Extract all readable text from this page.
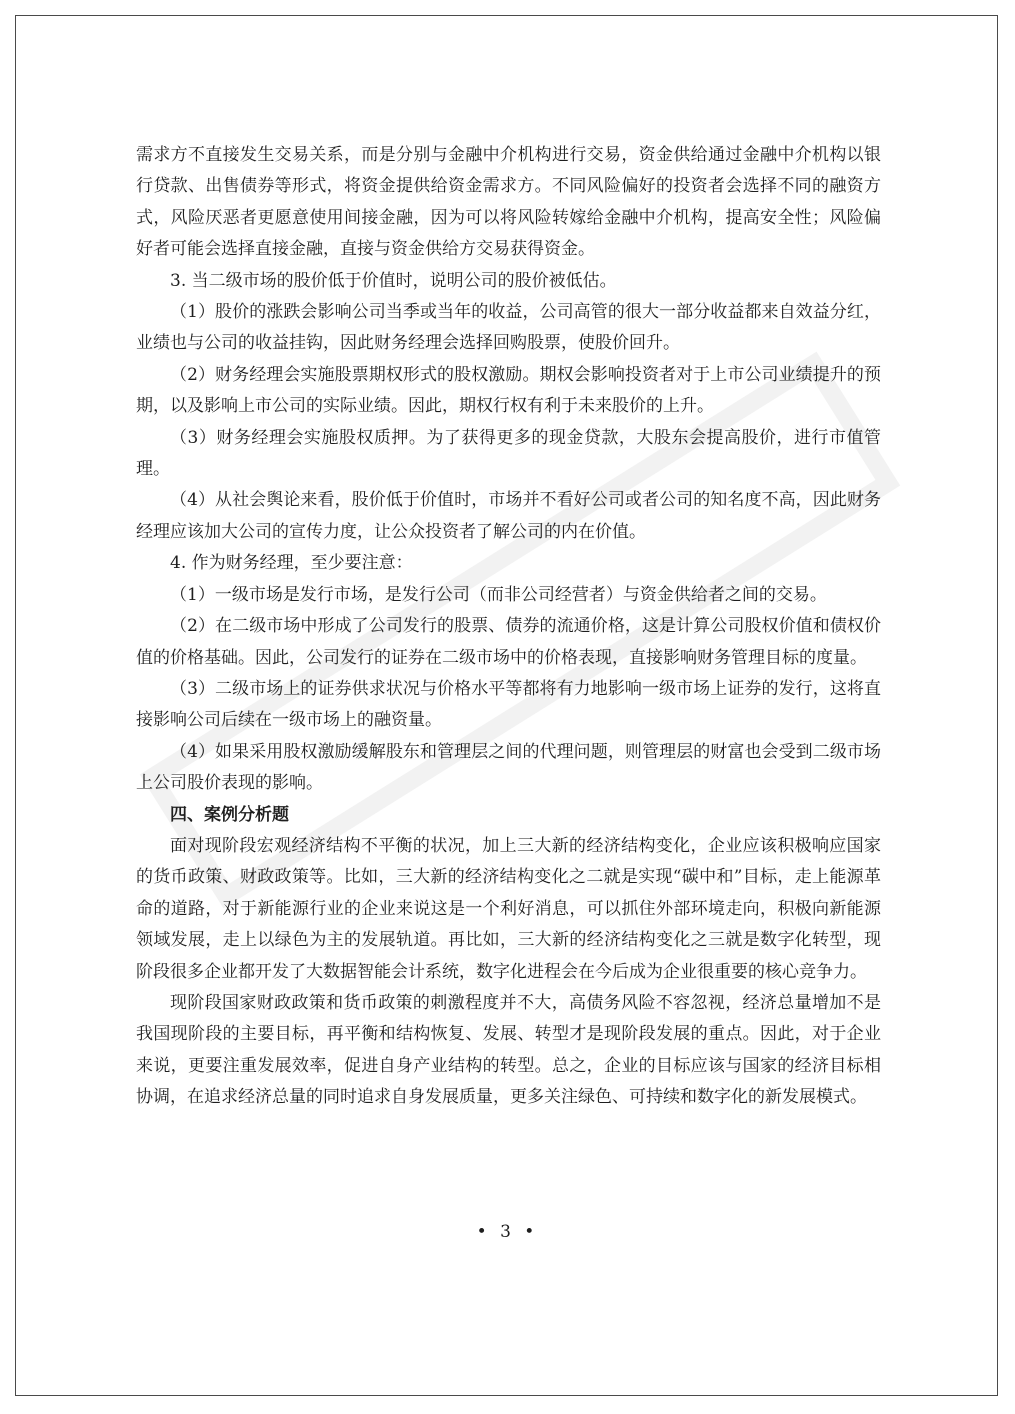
需求方不直接发生交易关系，而是分别与金融中介机构进行交易，资金供给通过金融中介机构以银行贷款、出售债券等形式，将资金提供给资金需求方。不同风险偏好的投资者会选择不同的融资方式，风险厌恶者更愿意使用间接金融，因为可以将风险转嫁给金融中介机构，提高安全性；风险偏好者可能会选择直接金融，直接与资金供给方交易获得资金。

3. 当二级市场的股价低于价值时，说明公司的股价被低估。

（1）股价的涨跌会影响公司当季或当年的收益，公司高管的很大一部分收益都来自效益分红，业绩也与公司的收益挂钩，因此财务经理会选择回购股票，使股价回升。

（2）财务经理会实施股票期权形式的股权激励。期权会影响投资者对于上市公司业绩提升的预期，以及影响上市公司的实际业绩。因此，期权行权有利于未来股价的上升。

（3）财务经理会实施股权质押。为了获得更多的现金贷款，大股东会提高股价，进行市值管理。

（4）从社会舆论来看，股价低于价值时，市场并不看好公司或者公司的知名度不高，因此财务经理应该加大公司的宣传力度，让公众投资者了解公司的内在价值。

4. 作为财务经理，至少要注意：

（1）一级市场是发行市场，是发行公司（而非公司经营者）与资金供给者之间的交易。

（2）在二级市场中形成了公司发行的股票、债券的流通价格，这是计算公司股权价值和债权价值的价格基础。因此，公司发行的证券在二级市场中的价格表现，直接影响财务管理目标的度量。

（3）二级市场上的证券供求状况与价格水平等都将有力地影响一级市场上证券的发行，这将直接影响公司后续在一级市场上的融资量。

（4）如果采用股权激励缓解股东和管理层之间的代理问题，则管理层的财富也会受到二级市场上公司股价表现的影响。

四、案例分析题

面对现阶段宏观经济结构不平衡的状况，加上三大新的经济结构变化，企业应该积极响应国家的货币政策、财政政策等。比如，三大新的经济结构变化之二就是实现“碳中和”目标，走上能源革命的道路，对于新能源行业的企业来说这是一个利好消息，可以抓住外部环境走向，积极向新能源领域发展，走上以绿色为主的发展轨道。再比如，三大新的经济结构变化之三就是数字化转型，现阶段很多企业都开发了大数据智能会计系统，数字化进程会在今后成为企业很重要的核心竞争力。

现阶段国家财政政策和货币政策的刺激程度并不大，高债务风险不容忽视，经济总量增加不是我国现阶段的主要目标，再平衡和结构恢复、发展、转型才是现阶段发展的重点。因此，对于企业来说，更要注重发展效率，促进自身产业结构的转型。总之，企业的目标应该与国家的经济目标相协调，在追求经济总量的同时追求自身发展质量，更多关注绿色、可持续和数字化的新发展模式。

• 3 •
